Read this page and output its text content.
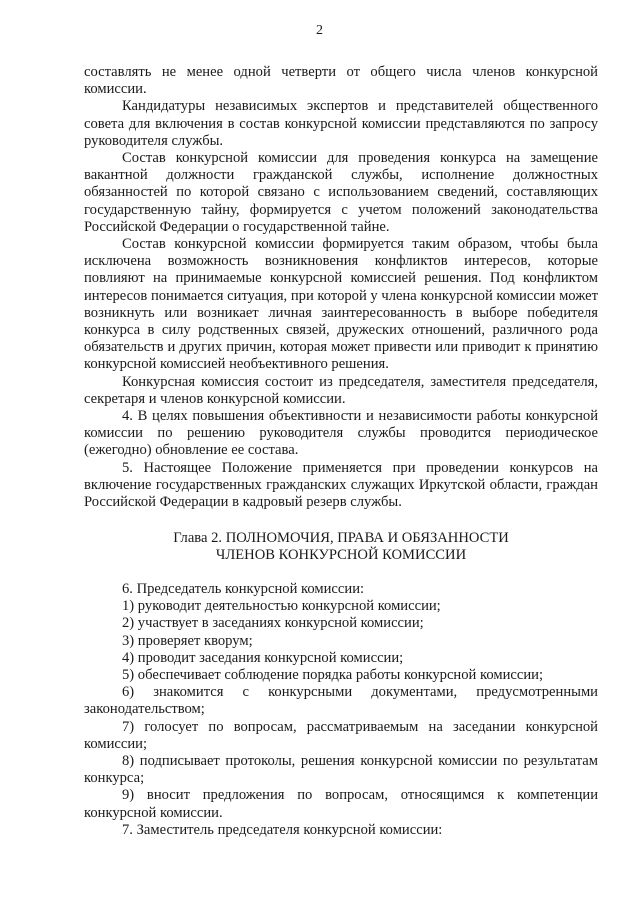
2

составлять не менее одной четверти от общего числа членов конкурсной комиссии.

Кандидатуры независимых экспертов и представителей общественного совета для включения в состав конкурсной комиссии представляются по запросу руководителя службы.

Состав конкурсной комиссии для проведения конкурса на замещение вакантной должности гражданской службы, исполнение должностных обязанностей по которой связано с использованием сведений, составляющих государственную тайну, формируется с учетом положений законодательства Российской Федерации о государственной тайне.

Состав конкурсной комиссии формируется таким образом, чтобы была исключена возможность возникновения конфликтов интересов, которые повлияют на принимаемые конкурсной комиссией решения. Под конфликтом интересов понимается ситуация, при которой у члена конкурсной комиссии может возникнуть или возникает личная заинтересованность в выборе победителя конкурса в силу родственных связей, дружеских отношений, различного рода обязательств и других причин, которая может привести или приводит к принятию конкурсной комиссией необъективного решения.

Конкурсная комиссия состоит из председателя, заместителя председателя, секретаря и членов конкурсной комиссии.

4. В целях повышения объективности и независимости работы конкурсной комиссии по решению руководителя службы проводится периодическое (ежегодно) обновление ее состава.

5. Настоящее Положение применяется при проведении конкурсов на включение государственных гражданских служащих Иркутской области, граждан Российской Федерации в кадровый резерв службы.

Глава 2. ПОЛНОМОЧИЯ, ПРАВА И ОБЯЗАННОСТИ
ЧЛЕНОВ КОНКУРСНОЙ КОМИССИИ

6. Председатель конкурсной комиссии:

1) руководит деятельностью конкурсной комиссии;

2) участвует в заседаниях конкурсной комиссии;

3) проверяет кворум;

4) проводит заседания конкурсной комиссии;

5) обеспечивает соблюдение порядка работы конкурсной комиссии;

6) знакомится с конкурсными документами, предусмотренными законодательством;

7) голосует по вопросам, рассматриваемым на заседании конкурсной комиссии;

8) подписывает протоколы, решения конкурсной комиссии по результатам конкурса;

9) вносит предложения по вопросам, относящимся к компетенции конкурсной комиссии.

7. Заместитель председателя конкурсной комиссии:
